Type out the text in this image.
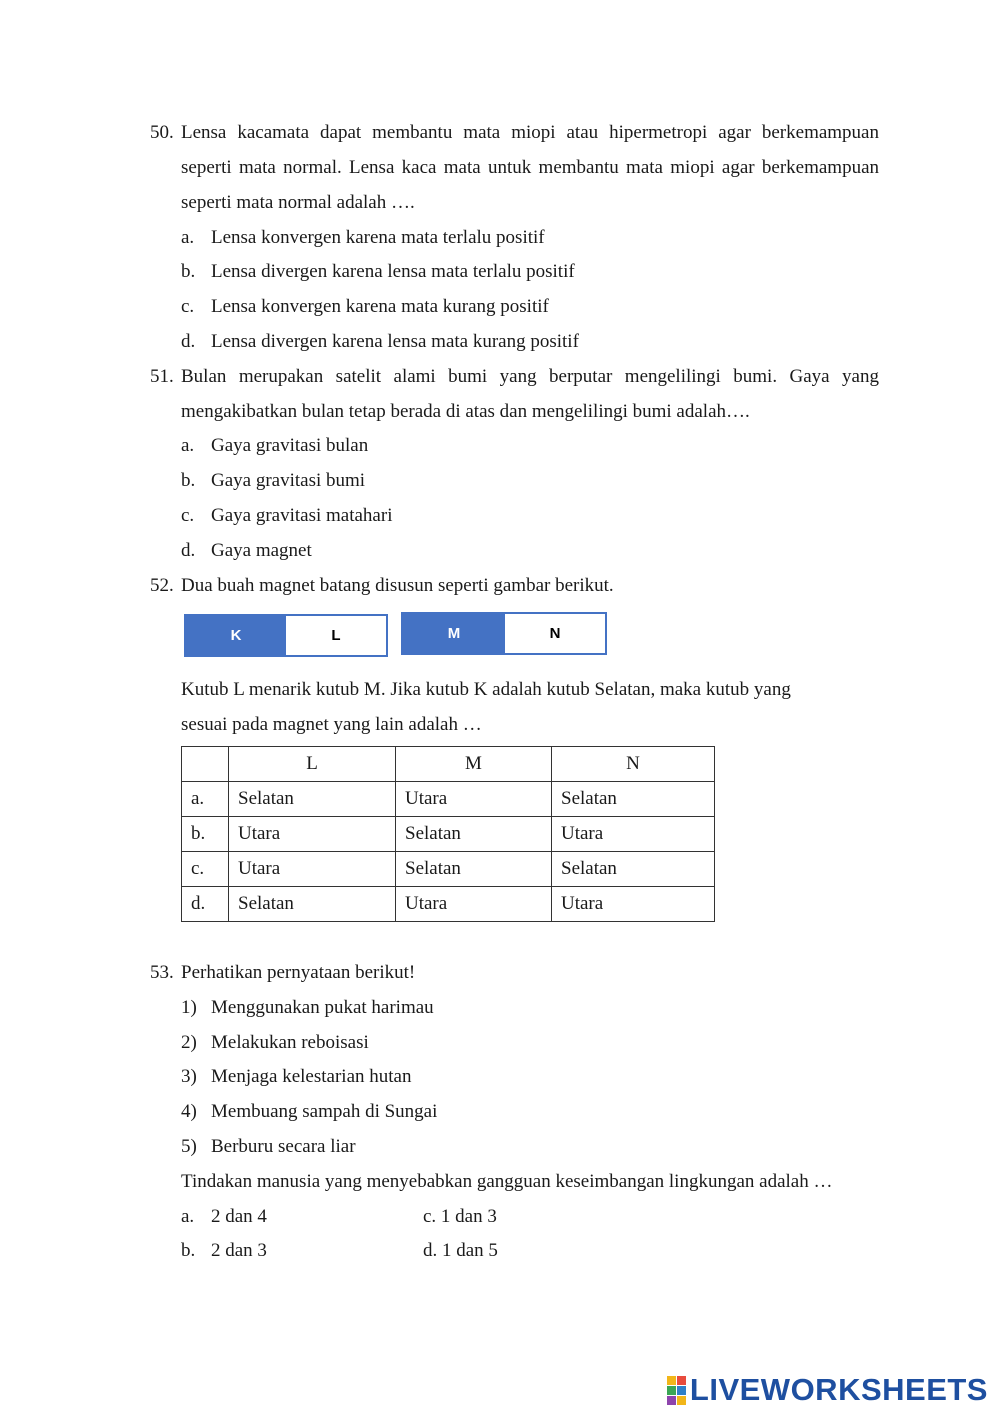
50. Lensa kacamata dapat membantu mata miopi atau hipermetropi agar berkemampuan
seperti mata normal. Lensa kaca mata untuk membantu mata miopi agar berkemampuan
seperti mata normal adalah ….
a. Lensa konvergen karena mata terlalu positif
b. Lensa divergen karena lensa mata terlalu positif
c. Lensa konvergen karena mata kurang positif
d. Lensa divergen karena lensa mata kurang positif
51. Bulan merupakan satelit alami bumi yang berputar mengelilingi bumi. Gaya yang
mengakibatkan bulan tetap berada di atas dan mengelilingi bumi adalah….
a. Gaya gravitasi bulan
b. Gaya gravitasi bumi
c. Gaya gravitasi matahari
d. Gaya magnet
52. Dua buah magnet batang disusun seperti gambar berikut.
K	L	M	N
Kutub L menarik kutub M. Jika kutub K adalah kutub Selatan, maka kutub yang
sesuai pada magnet yang lain adalah …
	L	M	N
a.	Selatan	Utara	Selatan
b.	Utara	Selatan	Utara
c.	Utara	Selatan	Selatan
d.	Selatan	Utara	Utara
53. Perhatikan pernyataan berikut!
1) Menggunakan pukat harimau
2) Melakukan reboisasi
3) Menjaga kelestarian hutan
4) Membuang sampah di Sungai
5) Berburu secara liar
Tindakan manusia yang menyebabkan gangguan keseimbangan lingkungan adalah …
a. 2 dan 4	c. 1 dan 3
b. 2 dan 3	d. 1 dan 5
LIVEWORKSHEETS
